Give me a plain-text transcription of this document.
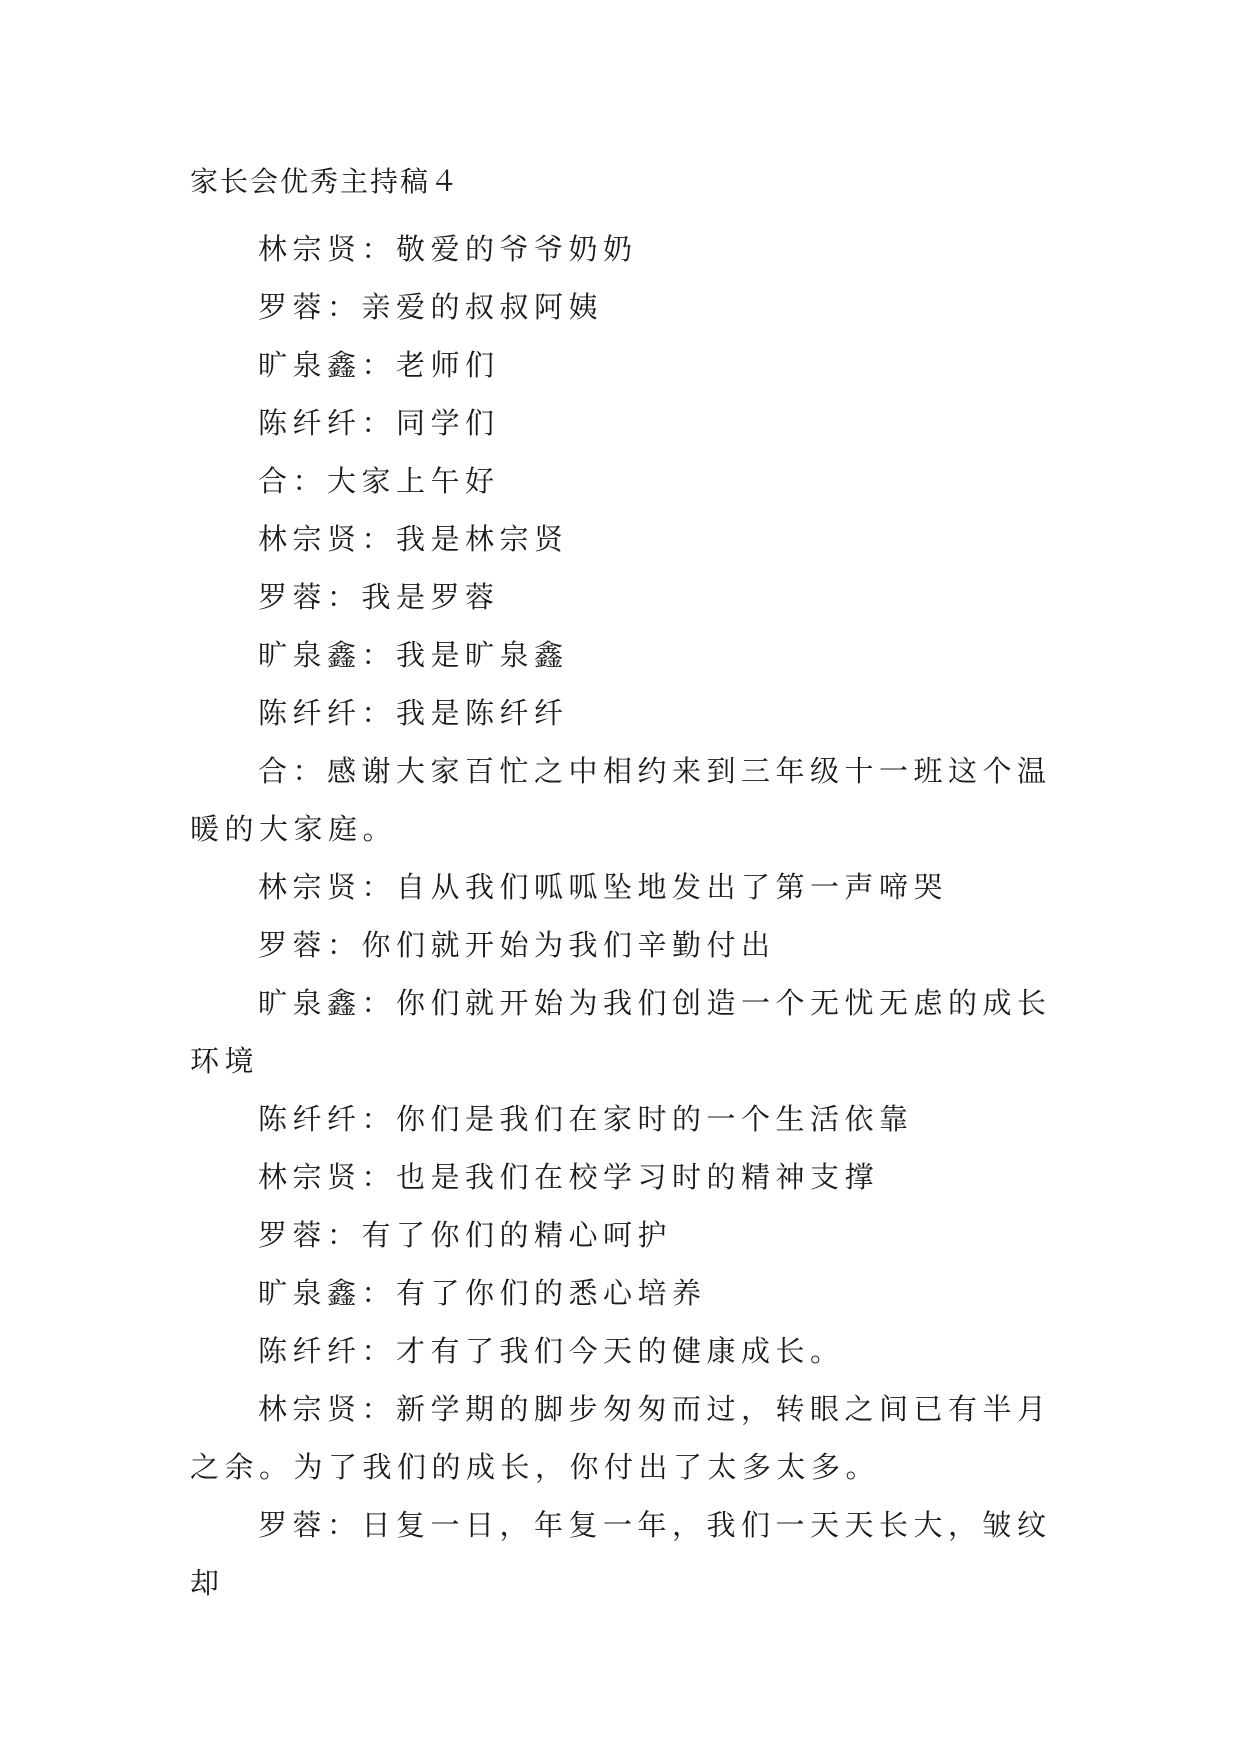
家长会优秀主持稿４

林宗贤：敬爱的爷爷奶奶

罗蓉：亲爱的叔叔阿姨

旷泉鑫：老师们

陈纤纤：同学们

合：大家上午好

林宗贤：我是林宗贤

罗蓉：我是罗蓉

旷泉鑫：我是旷泉鑫

陈纤纤：我是陈纤纤

合：感谢大家百忙之中相约来到三年级十一班这个温暖的大家庭。

林宗贤：自从我们呱呱坠地发出了第一声啼哭

罗蓉：你们就开始为我们辛勤付出

旷泉鑫：你们就开始为我们创造一个无忧无虑的成长环境

陈纤纤：你们是我们在家时的一个生活依靠

林宗贤：也是我们在校学习时的精神支撑

罗蓉：有了你们的精心呵护

旷泉鑫：有了你们的悉心培养

陈纤纤：才有了我们今天的健康成长。

林宗贤：新学期的脚步匆匆而过，转眼之间已有半月之余。为了我们的成长，你付出了太多太多。

罗蓉：日复一日，年复一年，我们一天天长大，皱纹却
